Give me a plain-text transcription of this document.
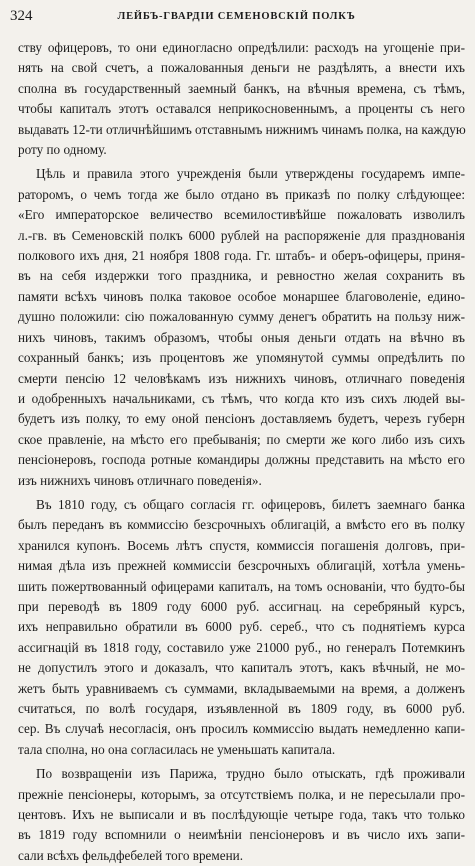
324	ЛЕЙБЪ-ГВАРДІИ СЕМЕНОВСКІЙ ПОЛКЪ
ству офицеровъ, то они единогласно опредѣлили: расходъ на угощеніе при-
нять на свой счетъ, а пожалованныя деньги не раздѣлять, а внести ихъ
сполна въ государственный заемный банкъ, на вѣчныя времена, съ тѣмъ,
чтобы капиталъ этотъ оставался неприкосновеннымъ, а проценты съ него
выдавать 12-ти отличнѣйшимъ отставнымъ нижнимъ чинамъ полка, на каждую
роту по одному.
Цѣль и правила этого учрежденія были утверждены государемъ импе-
раторомъ, о чемъ тогда же было отдано въ приказѣ по полку слѣдующее:
«Его императорское величество всемилостивѣйше пожаловать изволилъ
л.-гв. въ Семеновскій полкъ 6000 рублей на распоряженіе для празднованія
полкового ихъ дня, 21 ноября 1808 года. Гг. штабъ- и оберъ-офицеры, приня-
въ на себя издержки того праздника, и ревностно желая сохранить въ
памяти всѣхъ чиновъ полка таковое особое монаршее благоволеніе, едино-
душно положили: сію пожалованную сумму денегъ обратить на пользу ниж-
нихъ чиновъ, такимъ образомъ, чтобы оныя деньги отдать на вѣчно въ
сохранный банкъ; изъ процентовъ же упомянутой суммы опредѣлить по
смерти пенсію 12 человѣкамъ изъ нижнихъ чиновъ, отличнаго поведенія
и одобренныхъ начальниками, съ тѣмъ, что когда кто изъ сихъ людей вы-
будетъ изъ полку, то ему оной пенсіонъ доставляемъ будетъ, черезъ губерн
ское правленіе, на мѣсто его пребыванія; по смерти же кого либо изъ сихъ
пенсіонеровъ, господа ротные командиры должны представить на мѣсто его
изъ нижнихъ чиновъ отличнаго поведенія».
Въ 1810 году, съ общаго согласія гг. офицеровъ, билетъ заемнаго банка
былъ переданъ въ коммиссію безсрочныхъ облигацій, а вмѣсто его въ полку
хранился купонъ. Восемь лѣтъ спустя, коммиссія погашенія долговъ, при-
нимая дѣла изъ прежней коммиссіи безсрочныхъ облигацій, хотѣла умень-
шить пожертвованный офицерами капиталъ, на томъ основаніи, что будто-бы
при переводѣ въ 1809 году 6000 руб. ассигнац. на серебряный курсъ,
ихъ неправильно обратили въ 6000 руб. сереб., что съ поднятіемъ курса
ассигнацій въ 1818 году, составило уже 21000 руб., но генералъ Потемкинъ
не допустилъ этого и доказалъ, что капиталъ этотъ, какъ вѣчный, не мо-
жетъ быть уравниваемъ съ суммами, вкладываемыми на время, а долженъ
считаться, по волѣ государя, изъявленной въ 1809 году, въ 6000 руб.
сер. Въ случаѣ несогласія, онъ просилъ коммиссію выдать немедленно капи-
тала сполна, но она согласилась не уменьшать капитала.
По возвращеніи изъ Парижа, трудно было отыскать, гдѣ проживали
прежніе пенсіонеры, которымъ, за отсутствіемъ полка, и не пересылали про-
центовъ. Ихъ не выписали и въ послѣдующіе четыре года, такъ что только
въ 1819 году вспомнили о неимѣніи пенсіонеровъ и въ число ихъ запи-
сали всѣхъ фельдфебелей того времени.
